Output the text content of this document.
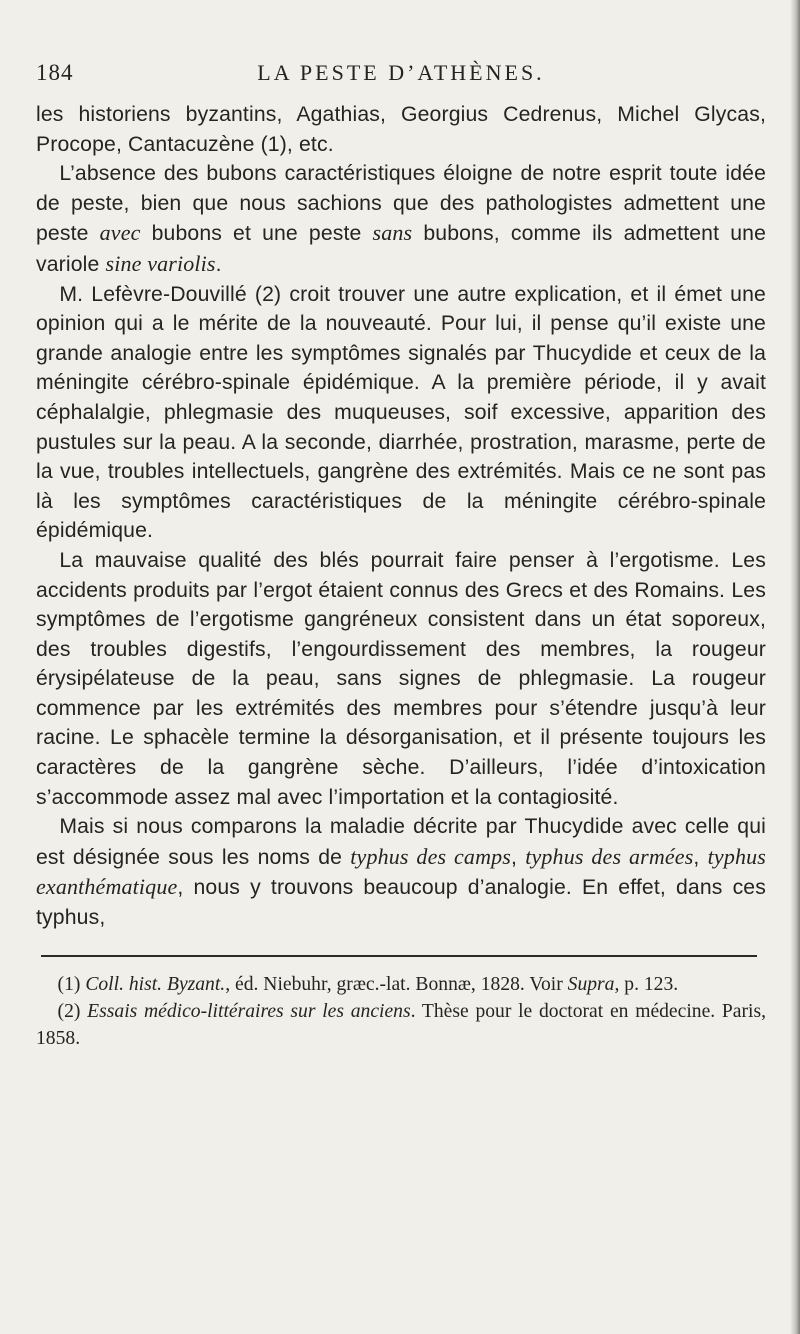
184	LA PESTE D’ATHÈNES.

les historiens byzantins, Agathias, Georgius Cedrenus, Michel Glycas, Procope, Cantacuzène (1), etc.

L’absence des bubons caractéristiques éloigne de notre esprit toute idée de peste, bien que nous sachions que des pathologistes admettent une peste avec bubons et une peste sans bubons, comme ils admettent une variole sine variolis.

M. Lefèvre-Douvillé (2) croit trouver une autre explication, et il émet une opinion qui a le mérite de la nouveauté. Pour lui, il pense qu’il existe une grande analogie entre les symptômes signalés par Thucydide et ceux de la méningite cérébro-spinale épidémique. A la première période, il y avait céphalalgie, phlegmasie des muqueuses, soif excessive, apparition des pustules sur la peau. A la seconde, diarrhée, prostration, marasme, perte de la vue, troubles intellectuels, gangrène des extrémités. Mais ce ne sont pas là les symptômes caractéristiques de la méningite cérébro-spinale épidémique.

La mauvaise qualité des blés pourrait faire penser à l’ergotisme. Les accidents produits par l’ergot étaient connus des Grecs et des Romains. Les symptômes de l’ergotisme gangréneux consistent dans un état soporeux, des troubles digestifs, l’engourdissement des membres, la rougeur érysipélateuse de la peau, sans signes de phlegmasie. La rougeur commence par les extrémités des membres pour s’étendre jusqu’à leur racine. Le sphacèle termine la désorganisation, et il présente toujours les caractères de la gangrène sèche. D’ailleurs, l’idée d’intoxication s’accommode assez mal avec l’importation et la contagiosité.

Mais si nous comparons la maladie décrite par Thucydide avec celle qui est désignée sous les noms de typhus des camps, typhus des armées, typhus exanthématique, nous y trouvons beaucoup d’analogie. En effet, dans ces typhus,

(1) Coll. hist. Byzant., éd. Niebuhr, græc.-lat. Bonnæ, 1828. Voir Supra, p. 123.

(2) Essais médico-littéraires sur les anciens. Thèse pour le doctorat en médecine. Paris, 1858.
